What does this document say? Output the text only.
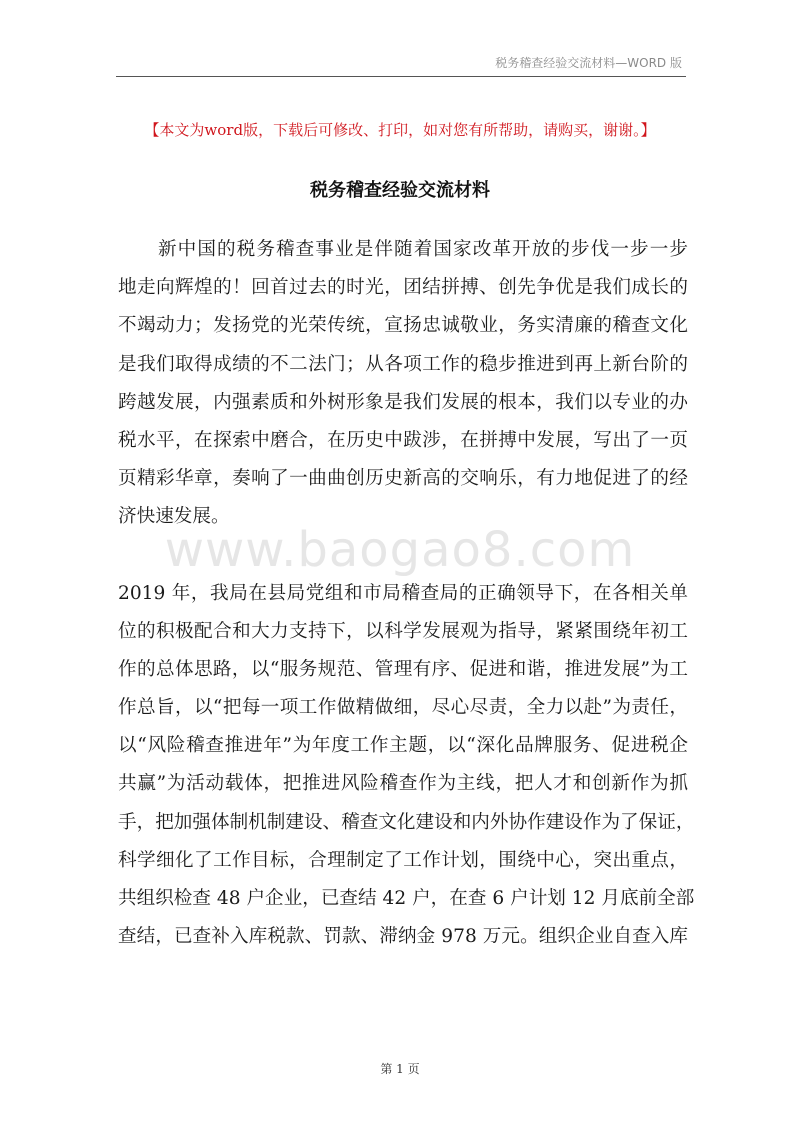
税务稽查经验交流材料—WORD 版
【本文为word版，下载后可修改、打印，如对您有所帮助，请购买，谢谢。】
税务稽查经验交流材料
新中国的税务稽查事业是伴随着国家改革开放的步伐一步一步
地走向辉煌的！回首过去的时光，团结拼搏、创先争优是我们成长的
不竭动力；发扬党的光荣传统，宣扬忠诚敬业，务实清廉的稽查文化
是我们取得成绩的不二法门；从各项工作的稳步推进到再上新台阶的
跨越发展，内强素质和外树形象是我们发展的根本，我们以专业的办
税水平，在探索中磨合，在历史中跋涉，在拼搏中发展，写出了一页
页精彩华章，奏响了一曲曲创历史新高的交响乐，有力地促进了的经
济快速发展。
2019 年，我局在县局党组和市局稽查局的正确领导下，在各相关单
位的积极配合和大力支持下，以科学发展观为指导，紧紧围绕年初工
作的总体思路，以“服务规范、管理有序、促进和谐，推进发展”为工
作总旨，以“把每一项工作做精做细，尽心尽责，全力以赴”为责任，
以“风险稽查推进年”为年度工作主题，以“深化品牌服务、促进税企
共赢”为活动载体，把推进风险稽查作为主线，把人才和创新作为抓
手，把加强体制机制建设、稽查文化建设和内外协作建设作为了保证，
科学细化了工作目标，合理制定了工作计划，围绕中心，突出重点，
共组织检查 48 户企业，已查结 42 户，在查 6 户计划 12 月底前全部
查结，已查补入库税款、罚款、滞纳金 978 万元。组织企业自查入库
www.baogao8.com
第 1 页
